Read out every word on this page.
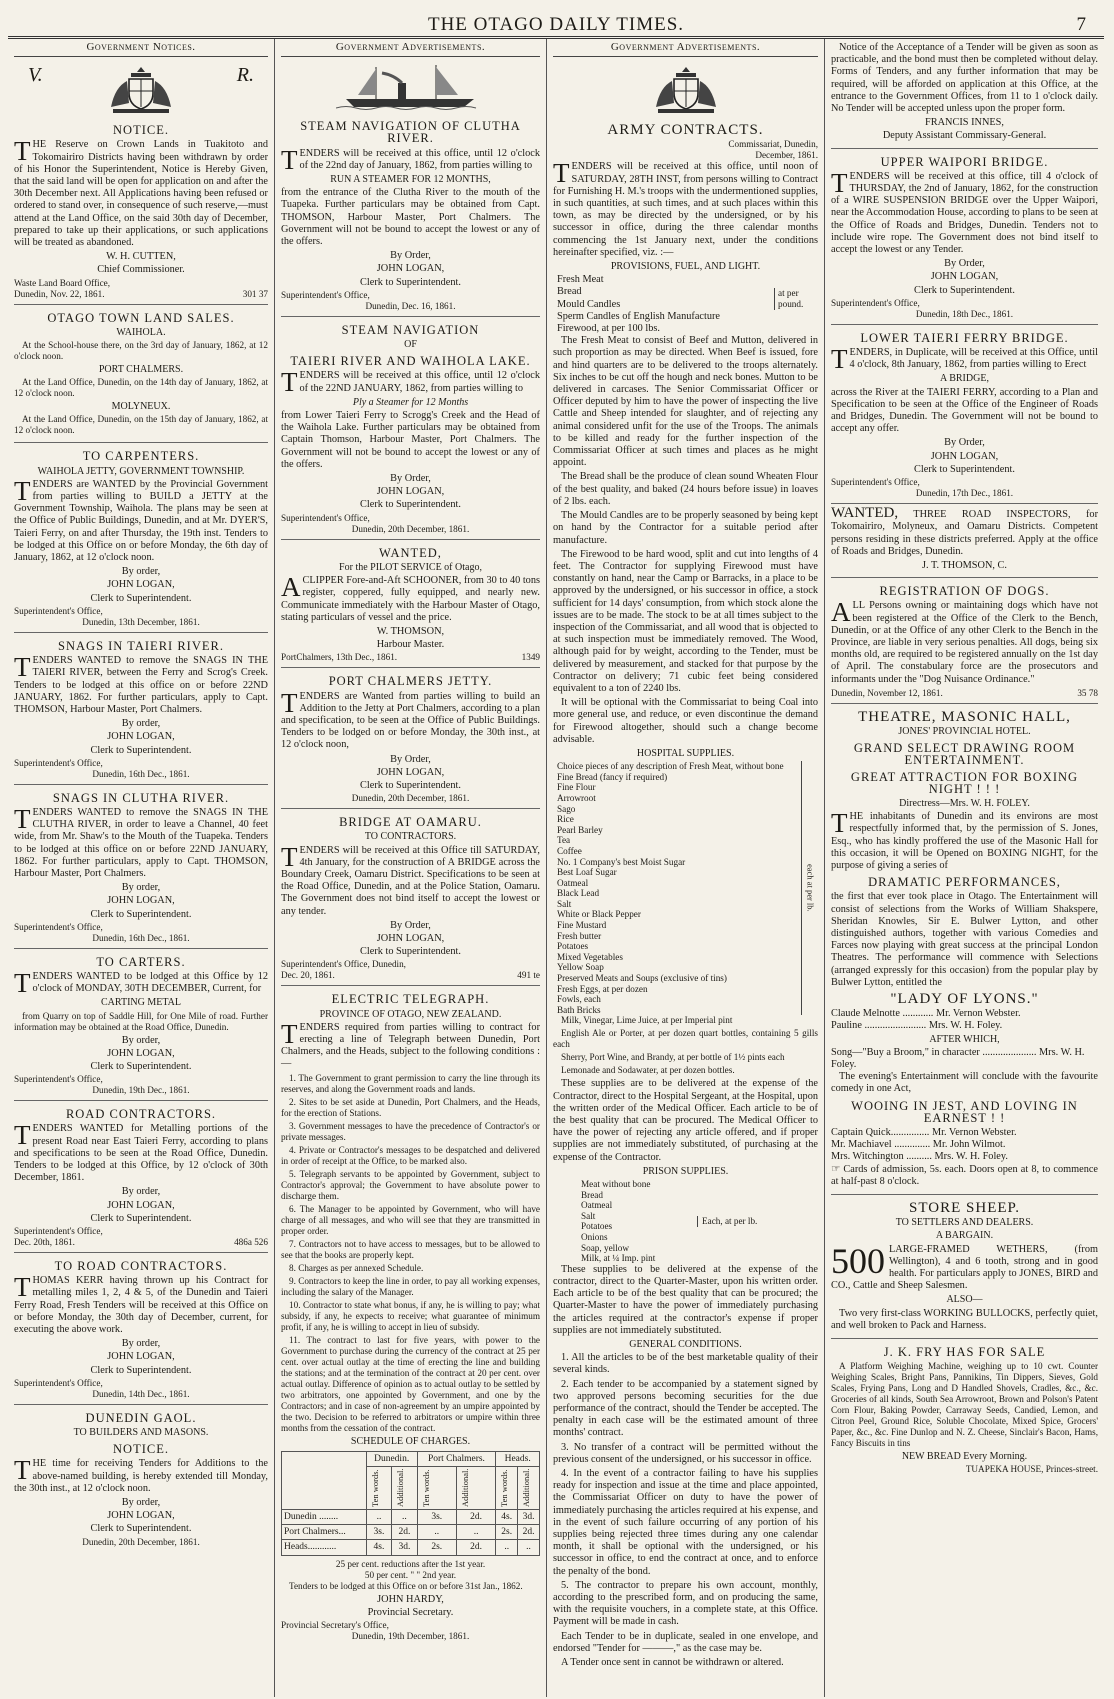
THE OTAGO DAILY TIMES.	7
Government Notices.
V.	R.
NOTICE.

THE Reserve on Crown Lands in Tuakitoto and Tokomairiro Districts having been withdrawn by order of his Honor the Superintendent, Notice is Hereby Given, that the said land will be open for application on and after the 30th December next. All Applications having been refused or ordered to stand over, in consequence of such reserve,—must attend at the Land Office, on the said 30th day of December, prepared to take up their applications, or such applications will be treated as abandoned.

W. H. CUTTEN,
Chief Commissioner.
Waste Land Board Office,
Dunedin, Nov. 22, 1861.	301 37
OTAGO TOWN LAND SALES.
WAIHOLA.

At the School-house there, on the 3rd day of January, 1862, at 12 o'clock noon.

PORT CHALMERS.

At the Land Office, Dunedin, on the 14th day of January, 1862, at 12 o'clock noon.

MOLYNEUX.

At the Land Office, Dunedin, on the 15th day of January, 1862, at 12 o'clock noon.

TO CARPENTERS.
WAIHOLA JETTY, GOVERNMENT TOWNSHIP.

TENDERS are WANTED by the Provincial Government from parties willing to BUILD a JETTY at the Government Township, Waihola. The plans may be seen at the Office of Public Buildings, Dunedin, and at Mr. DYER'S, Taieri Ferry, on and after Thursday, the 19th inst. Tenders to be lodged at this Office on or before Monday, the 6th day of January, 1862, at 12 o'clock noon.

By order,
JOHN LOGAN,
Clerk to Superintendent.
Superintendent's Office,
Dunedin, 13th December, 1861.
SNAGS IN TAIERI RIVER.

TENDERS WANTED to remove the SNAGS IN THE TAIERI RIVER, between the Ferry and Scrog's Creek. Tenders to be lodged at this office on or before 22ND JANUARY, 1862. For further particulars, apply to Capt. THOMSON, Harbour Master, Port Chalmers.

By order,
JOHN LOGAN,
Clerk to Superintendent.
Superintendent's Office,
Dunedin, 16th Dec., 1861.
SNAGS IN CLUTHA RIVER.

TENDERS WANTED to remove the SNAGS IN THE CLUTHA RIVER, in order to leave a Channel, 40 feet wide, from Mr. Shaw's to the Mouth of the Tuapeka. Tenders to be lodged at this office on or before 22ND JANUARY, 1862. For further particulars, apply to Capt. THOMSON, Harbour Master, Port Chalmers.

By order,
JOHN LOGAN,
Clerk to Superintendent.
Superintendent's Office,
Dunedin, 16th Dec., 1861.
TO CARTERS.

TENDERS WANTED to be lodged at this Office by 12 o'clock of MONDAY, 30TH DECEMBER, Current, for

CARTING METAL

from Quarry on top of Saddle Hill, for One Mile of road. Further information may be obtained at the Road Office, Dunedin.

By order,
JOHN LOGAN,
Clerk to Superintendent.
Superintendent's Office,
Dunedin, 19th Dec., 1861.
ROAD CONTRACTORS.

TENDERS WANTED for Metalling portions of the present Road near East Taieri Ferry, according to plans and specifications to be seen at the Road Office, Dunedin. Tenders to be lodged at this Office, by 12 o'clock of 30th December, 1861.

By order,
JOHN LOGAN,
Clerk to Superintendent.
Superintendent's Office,
Dec. 20th, 1861.	486a 526
TO ROAD CONTRACTORS.

THOMAS KERR having thrown up his Contract for metalling miles 1, 2, 4 & 5, of the Dunedin and Taieri Ferry Road, Fresh Tenders will be received at this Office on or before Monday, the 30th day of December, current, for executing the above work.

By order,
JOHN LOGAN,
Clerk to Superintendent.
Superintendent's Office,
Dunedin, 14th Dec., 1861.
DUNEDIN GAOL.
TO BUILDERS AND MASONS.
NOTICE.

THE time for receiving Tenders for Additions to the above-named building, is hereby extended till Monday, the 30th inst., at 12 o'clock noon.

By order,
JOHN LOGAN,
Clerk to Superintendent.
Dunedin, 20th December, 1861.
Government Advertisements.
STEAM NAVIGATION OF CLUTHA RIVER.

TENDERS will be received at this office, until 12 o'clock of the 22nd day of January, 1862, from parties willing to

RUN A STEAMER FOR 12 MONTHS,

from the entrance of the Clutha River to the mouth of the Tuapeka. Further particulars may be obtained from Capt. THOMSON, Harbour Master, Port Chalmers. The Government will not be bound to accept the lowest or any of the offers.

By Order,
JOHN LOGAN,
Clerk to Superintendent.
Superintendent's Office,
Dunedin, Dec. 16, 1861.
STEAM NAVIGATION
OF
TAIERI RIVER AND WAIHOLA LAKE.

TENDERS will be received at this office, until 12 o'clock of the 22ND JANUARY, 1862, from parties willing to

Ply a Steamer for 12 Months

from Lower Taieri Ferry to Scrogg's Creek and the Head of the Waihola Lake. Further particulars may be obtained from Captain Thomson, Harbour Master, Port Chalmers. The Government will not be bound to accept the lowest or any of the offers.

By Order,
JOHN LOGAN,
Clerk to Superintendent.
Superintendent's Office,
Dunedin, 20th December, 1861.
WANTED,
For the PILOT SERVICE of Otago,

ACLIPPER Fore-and-Aft SCHOONER, from 30 to 40 tons register, coppered, fully equipped, and nearly new. Communicate immediately with the Harbour Master of Otago, stating particulars of vessel and the price.

W. THOMSON,
Harbour Master.
PortChalmers, 13th Dec., 1861.	1349
PORT CHALMERS JETTY.

TENDERS are Wanted from parties willing to build an Addition to the Jetty at Port Chalmers, according to a plan and specification, to be seen at the Office of Public Buildings. Tenders to be lodged on or before Monday, the 30th inst., at 12 o'clock noon,

By Order,
JOHN LOGAN,
Clerk to Superintendent.
Dunedin, 20th December, 1861.
BRIDGE AT OAMARU.
TO CONTRACTORS.

TENDERS will be received at this Office till SATURDAY, 4th January, for the construction of A BRIDGE across the Boundary Creek, Oamaru District. Specifications to be seen at the Road Office, Dunedin, and at the Police Station, Oamaru. The Government does not bind itself to accept the lowest or any tender.

By Order,
JOHN LOGAN,
Clerk to Superintendent.
Superintendent's Office, Dunedin,
Dec. 20, 1861.	491 te
ELECTRIC TELEGRAPH.
PROVINCE OF OTAGO, NEW ZEALAND.

TENDERS required from parties willing to contract for erecting a line of Telegraph between Dunedin, Port Chalmers, and the Heads, subject to the following conditions :—

1. The Government to grant permission to carry the line through its reserves, and along the Government roads and lands.

2. Sites to be set aside at Dunedin, Port Chalmers, and the Heads, for the erection of Stations.

3. Government messages to have the precedence of Contractor's or private messages.

4. Private or Contractor's messages to be despatched and delivered in order of receipt at the Office, to be marked also.

5. Telegraph servants to be appointed by Government, subject to Contractor's approval; the Government to have absolute power to discharge them.

6. The Manager to be appointed by Government, who will have charge of all messages, and who will see that they are transmitted in proper order.

7. Contractors not to have access to messages, but to be allowed to see that the books are properly kept.

8. Charges as per annexed Schedule.

9. Contractors to keep the line in order, to pay all working expenses, including the salary of the Manager.

10. Contractor to state what bonus, if any, he is willing to pay; what subsidy, if any, he expects to receive; what guarantee of minimum profit, if any, he is willing to accept in lieu of subsidy.

11. The contract to last for five years, with power to the Government to purchase during the currency of the contract at 25 per cent. over actual outlay at the time of erecting the line and building the stations; and at the termination of the contract at 20 per cent. over actual outlay. Difference of opinion as to actual outlay to be settled by two arbitrators, one appointed by Government, and one by the Contractors; and in case of non-agreement by an umpire appointed by the two. Decision to be referred to arbitrators or umpire within three months from the cessation of the contract.

SCHEDULE OF CHARGES.
	Dunedin.		Port Chalmers.		Heads.	

	Ten words.	Additional.	Ten words.	Additional.	Ten words.	Additional.

Dunedin ........	..	..	3s.	2d.	4s.	3d.
Port Chalmers...	3s.	2d.	..	..	2s.	2d.
Heads............	4s.	3d.	2s.	2d.	..	..
25 per cent. reductions after the 1st year.
50 per cent. " " 2nd year.

Tenders to be lodged at this Office on or before 31st Jan., 1862.

JOHN HARDY,
Provincial Secretary.
Provincial Secretary's Office,
Dunedin, 19th December, 1861.
Government Advertisements.
ARMY CONTRACTS.
Commissariat, Dunedin,
December, 1861.

TENDERS will be received at this office, until noon of SATURDAY, 28TH INST, from persons willing to Contract for Furnishing H. M.'s troops with the undermentioned supplies, in such quantities, at such times, and at such places within this town, as may be directed by the undersigned, or by his successor in office, during the three calendar months commencing the 1st January next, under the conditions hereinafter specified, viz. :—

PROVISIONS, FUEL, AND LIGHT.
Fresh Meat
Bread
Mould Candles
Sperm Candles of English Manufacture
at per pound.
Firewood, at per 100 lbs.

The Fresh Meat to consist of Beef and Mutton, delivered in such proportion as may be directed. When Beef is issued, fore and hind quarters are to be delivered to the troops alternately. Six inches to be cut off the hough and neck bones. Mutton to be delivered in carcases. The Senior Commissariat Officer or Officer deputed by him to have the power of inspecting the live Cattle and Sheep intended for slaughter, and of rejecting any animal considered unfit for the use of the Troops. The animals to be killed and ready for the further inspection of the Commissariat Officer at such times and places as he might appoint.

The Bread shall be the produce of clean sound Wheaten Flour of the best quality, and baked (24 hours before issue) in loaves of 2 lbs. each.

The Mould Candles are to be properly seasoned by being kept on hand by the Contractor for a suitable period after manufacture.

The Firewood to be hard wood, split and cut into lengths of 4 feet. The Contractor for supplying Firewood must have constantly on hand, near the Camp or Barracks, in a place to be approved by the undersigned, or his successor in office, a stock sufficient for 14 days' consumption, from which stock alone the issues are to be made. The stock to be at all times subject to the inspection of the Commissariat, and all wood that is objected to at such inspection must be immediately removed. The Wood, although paid for by weight, according to the Tender, must be delivered by measurement, and stacked for that purpose by the Contractor on delivery; 71 cubic feet being considered equivalent to a ton of 2240 lbs.

It will be optional with the Commissariat to being Coal into more general use, and reduce, or even discontinue the demand for Firewood altogether, should such a change become advisable.

HOSPITAL SUPPLIES.
Choice pieces of any description of Fresh Meat, without bone
Fine Bread (fancy if required)
Fine Flour
Arrowroot
Sago
Rice
Pearl Barley
Tea
Coffee
No. 1 Company's best Moist Sugar
Best Loaf Sugar
Oatmeal
Black Lead
Salt
White or Black Pepper
Fine Mustard
Fresh butter
Potatoes
Mixed Vegetables
Yellow Soap
Preserved Meats and Soups (exclusive of tins)
Fresh Eggs, at per dozen
Fowls, each
Bath Bricks
each at per lb.

Milk, Vinegar, Lime Juice, at per Imperial pint

English Ale or Porter, at per dozen quart bottles, containing 5 gills each

Sherry, Port Wine, and Brandy, at per bottle of 1½ pints each

Lemonade and Sodawater, at per dozen bottles.

These supplies are to be delivered at the expense of the Contractor, direct to the Hospital Sergeant, at the Hospital, upon the written order of the Medical Officer. Each article to be of the best quality that can be procured. The Medical Officer to have the power of rejecting any article offered, and if proper supplies are not immediately substituted, of purchasing at the expense of the Contractor.

PRISON SUPPLIES.
Meat without bone
Bread
Oatmeal
Salt
Potatoes
Onions
Soap, yellow
Milk, at ¼ Imp. pint
Each, at per lb.

These supplies to be delivered at the expense of the contractor, direct to the Quarter-Master, upon his written order. Each article to be of the best quality that can be procured; the Quarter-Master to have the power of immediately purchasing the articles required at the contractor's expense if proper supplies are not immediately substituted.

GENERAL CONDITIONS.

1. All the articles to be of the best marketable quality of their several kinds.

2. Each tender to be accompanied by a statement signed by two approved persons becoming securities for the due performance of the contract, should the Tender be accepted. The penalty in each case will be the estimated amount of three months' contract.

3. No transfer of a contract will be permitted without the previous consent of the undersigned, or his successor in office.

4. In the event of a contractor failing to have his supplies ready for inspection and issue at the time and place appointed, the Commissariat Officer on duty to have the power of immediately purchasing the articles required at his expense, and in the event of such failure occurring of any portion of his supplies being rejected three times during any one calendar month, it shall be optional with the undersigned, or his successor in office, to end the contract at once, and to enforce the penalty of the bond.

5. The contractor to prepare his own account, monthly, according to the prescribed form, and on producing the same, with the requisite vouchers, in a complete state, at this Office. Payment will be made in cash.

Each Tender to be in duplicate, sealed in one envelope, and endorsed "Tender for ———," as the case may be.

A Tender once sent in cannot be withdrawn or altered.

Notice of the Acceptance of a Tender will be given as soon as practicable, and the bond must then be completed without delay. Forms of Tenders, and any further information that may be required, will be afforded on application at this Office, at the entrance to the Government Offices, from 11 to 1 o'clock daily. No Tender will be accepted unless upon the proper form.

FRANCIS INNES,
Deputy Assistant Commissary-General.
UPPER WAIPORI BRIDGE.

TENDERS will be received at this office, till 4 o'clock of THURSDAY, the 2nd of January, 1862, for the construction of a WIRE SUSPENSION BRIDGE over the Upper Waipori, near the Accommodation House, according to plans to be seen at the Office of Roads and Bridges, Dunedin. Tenders not to include wire rope. The Government does not bind itself to accept the lowest or any Tender.

By Order,
JOHN LOGAN,
Clerk to Superintendent.
Superintendent's Office,
Dunedin, 18th Dec., 1861.
LOWER TAIERI FERRY BRIDGE.

TENDERS, in Duplicate, will be received at this Office, until 4 o'clock, 8th January, 1862, from parties willing to Erect

A BRIDGE,

across the River at the TAIERI FERRY, according to a Plan and Specification to be seen at the Office of the Engineer of Roads and Bridges, Dunedin. The Government will not be bound to accept any offer.

By Order,
JOHN LOGAN,
Clerk to Superintendent.
Superintendent's Office,
Dunedin, 17th Dec., 1861.

WANTED, THREE ROAD INSPECTORS, for Tokomairiro, Molyneux, and Oamaru Districts. Competent persons residing in these districts preferred. Apply at the office of Roads and Bridges, Dunedin.

J. T. THOMSON, C.
REGISTRATION OF DOGS.

ALL Persons owning or maintaining dogs which have not been registered at the Office of the Clerk to the Bench, Dunedin, or at the Office of any other Clerk to the Bench in the Province, are liable in very serious penalties. All dogs, being six months old, are required to be registered annually on the 1st day of April. The constabulary force are the prosecutors and informants under the "Dog Nuisance Ordinance."

Dunedin, November 12, 1861.	35 78
THEATRE, MASONIC HALL,
JONES' PROVINCIAL HOTEL.
GRAND SELECT DRAWING ROOM ENTERTAINMENT.
GREAT ATTRACTION FOR BOXING NIGHT ! ! !
Directress—Mrs. W. H. FOLEY.

THE inhabitants of Dunedin and its environs are most respectfully informed that, by the permission of S. Jones, Esq., who has kindly proffered the use of the Masonic Hall for this occasion, it will be Opened on BOXING NIGHT, for the purpose of giving a series of

DRAMATIC PERFORMANCES,

the first that ever took place in Otago. The Entertainment will consist of selections from the Works of William Shakspere, Sheridan Knowles, Sir E. Bulwer Lytton, and other distinguished authors, together with various Comedies and Farces now playing with great success at the principal London Theatres. The performance will commence with Selections (arranged expressly for this occasion) from the popular play by Bulwer Lytton, entitled the

"LADY OF LYONS."
Claude Melnotte ............ Mr. Vernon Webster.
Pauline ........................ Mrs. W. H. Foley.
AFTER WHICH,
Song—"Buy a Broom," in character ..................... Mrs. W. H. Foley.

The evening's Entertainment will conclude with the favourite comedy in one Act,

WOOING IN JEST, AND LOVING IN EARNEST ! !
Captain Quick............... Mr. Vernon Webster.
Mr. Machiavel .............. Mr. John Wilmot.
Mrs. Witchington .......... Mrs. W. H. Foley.

☞ Cards of admission, 5s. each. Doors open at 8, to commence at half-past 8 o'clock.

STORE SHEEP.
TO SETTLERS AND DEALERS.
A BARGAIN.

500 LARGE-FRAMED WETHERS, (from Wellington), 4 and 6 tooth, strong and in good health. For particulars apply to JONES, BIRD and CO., Cattle and Sheep Salesmen.

ALSO—

Two very first-class WORKING BULLOCKS, perfectly quiet, and well broken to Pack and Harness.

J. K. FRY HAS FOR SALE

A Platform Weighing Machine, weighing up to 10 cwt. Counter Weighing Scales, Bright Pans, Pannikins, Tin Dippers, Sieves, Gold Scales, Frying Pans, Long and D Handled Shovels, Cradles, &c., &c. Groceries of all kinds, South Sea Arrowroot, Brown and Polson's Patent Corn Flour, Baking Powder, Carraway Seeds, Candied, Lemon, and Citron Peel, Ground Rice, Soluble Chocolate, Mixed Spice, Grocers' Paper, &c., &c. Fine Dunlop and N. Z. Cheese, Sinclair's Bacon, Hams, Fancy Biscuits in tins

NEW BREAD Every Morning.
TUAPEKA HOUSE, Princes-street.
